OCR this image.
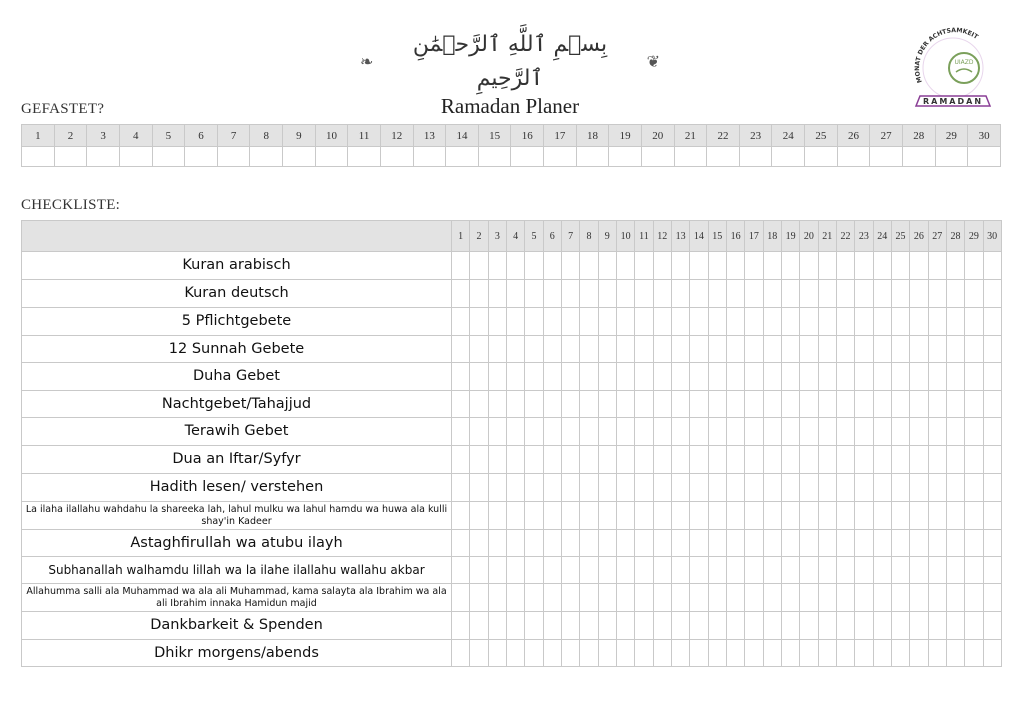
❦
بِسۡمِ ٱللَّهِ ٱلرَّحۡمَٰنِ ٱلرَّحِيمِ
❧
Ramadan Planer
UIAZD
MONAT DER ACHTSAMKEIT
RAMADAN
GEFASTET?
1	2	3	4	5	6	7	8	9	10	11	12	13	14	15	16	17	18	19	20	21	22	23	24	25	26	27	28	29	30

CHECKLISTE:
	1	2	3	4	5	6	7	8	9	10	11	12	13	14	15	16	17	18	19	20	21	22	23	24	25	26	27	28	29	30
Kuran arabisch																														
Kuran deutsch																														
5 Pflichtgebete																														
12 Sunnah Gebete																														
Duha Gebet																														
Nachtgebet/Tahajjud																														
Terawih Gebet																														
Dua an Iftar/Syfyr																														
Hadith lesen/ verstehen																														
La ilaha ilallahu wahdahu la shareeka lah, lahul mulku wa lahul hamdu wa huwa ala kulli shay'in Kadeer																														
Astaghfirullah wa atubu ilayh																														
Subhanallah walhamdu lillah wa la ilahe ilallahu wallahu akbar																														
Allahumma salli ala Muhammad wa ala ali Muhammad, kama salayta ala Ibrahim wa ala ali Ibrahim innaka Hamidun majid																														
Dankbarkeit & Spenden																														
Dhikr morgens/abends																														
